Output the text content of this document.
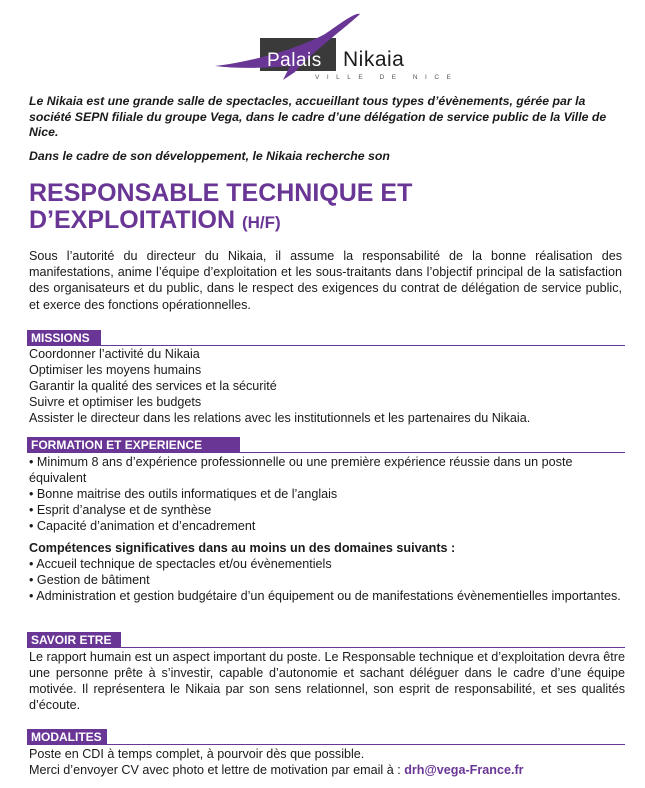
Palais Nikaia
VILLE DE NICE

Le Nikaia est une grande salle de spectacles, accueillant tous types d’évènements, gérée par la société SEPN filiale du groupe Vega, dans le cadre d’une délégation de service public de la Ville de Nice.

Dans le cadre de son développement, le Nikaia recherche son

RESPONSABLE TECHNIQUE ET
D’EXPLOITATION (H/F)

Sous l’autorité du directeur du Nikaia, il assume la responsabilité de la bonne réalisation des manifestations, anime l’équipe d’exploitation et les sous-traitants dans l’objectif principal de la satisfaction des organisateurs et du public, dans le respect des exigences du contrat de délégation de service public, et exerce des fonctions opérationnelles.

MISSIONS

Coordonner l’activité du Nikaia

Optimiser les moyens humains

Garantir la qualité des services et la sécurité

Suivre et optimiser les budgets

Assister le directeur dans les relations avec les institutionnels et les partenaires du Nikaia.

FORMATION ET EXPERIENCE

• Minimum 8 ans d’expérience professionnelle ou une première expérience réussie dans un poste équivalent

• Bonne maitrise des outils informatiques et de l’anglais

• Esprit d’analyse et de synthèse

• Capacité d’animation et d’encadrement

Compétences significatives dans au moins un des domaines suivants :

• Accueil technique de spectacles et/ou évènementiels

• Gestion de bâtiment

• Administration et gestion budgétaire d’un équipement ou de manifestations évènementielles importantes.

SAVOIR ETRE

Le rapport humain est un aspect important du poste. Le Responsable technique et d’exploitation devra être une personne prête à s’investir, capable d’autonomie et sachant déléguer dans le cadre d’une équipe motivée. Il représentera le Nikaia par son sens relationnel, son esprit de responsabilité, et ses qualités d’écoute.

MODALITES

Poste en CDI à temps complet, à pourvoir dès que possible.

Merci d’envoyer CV avec photo et lettre de motivation par email à : drh@vega-France.fr
